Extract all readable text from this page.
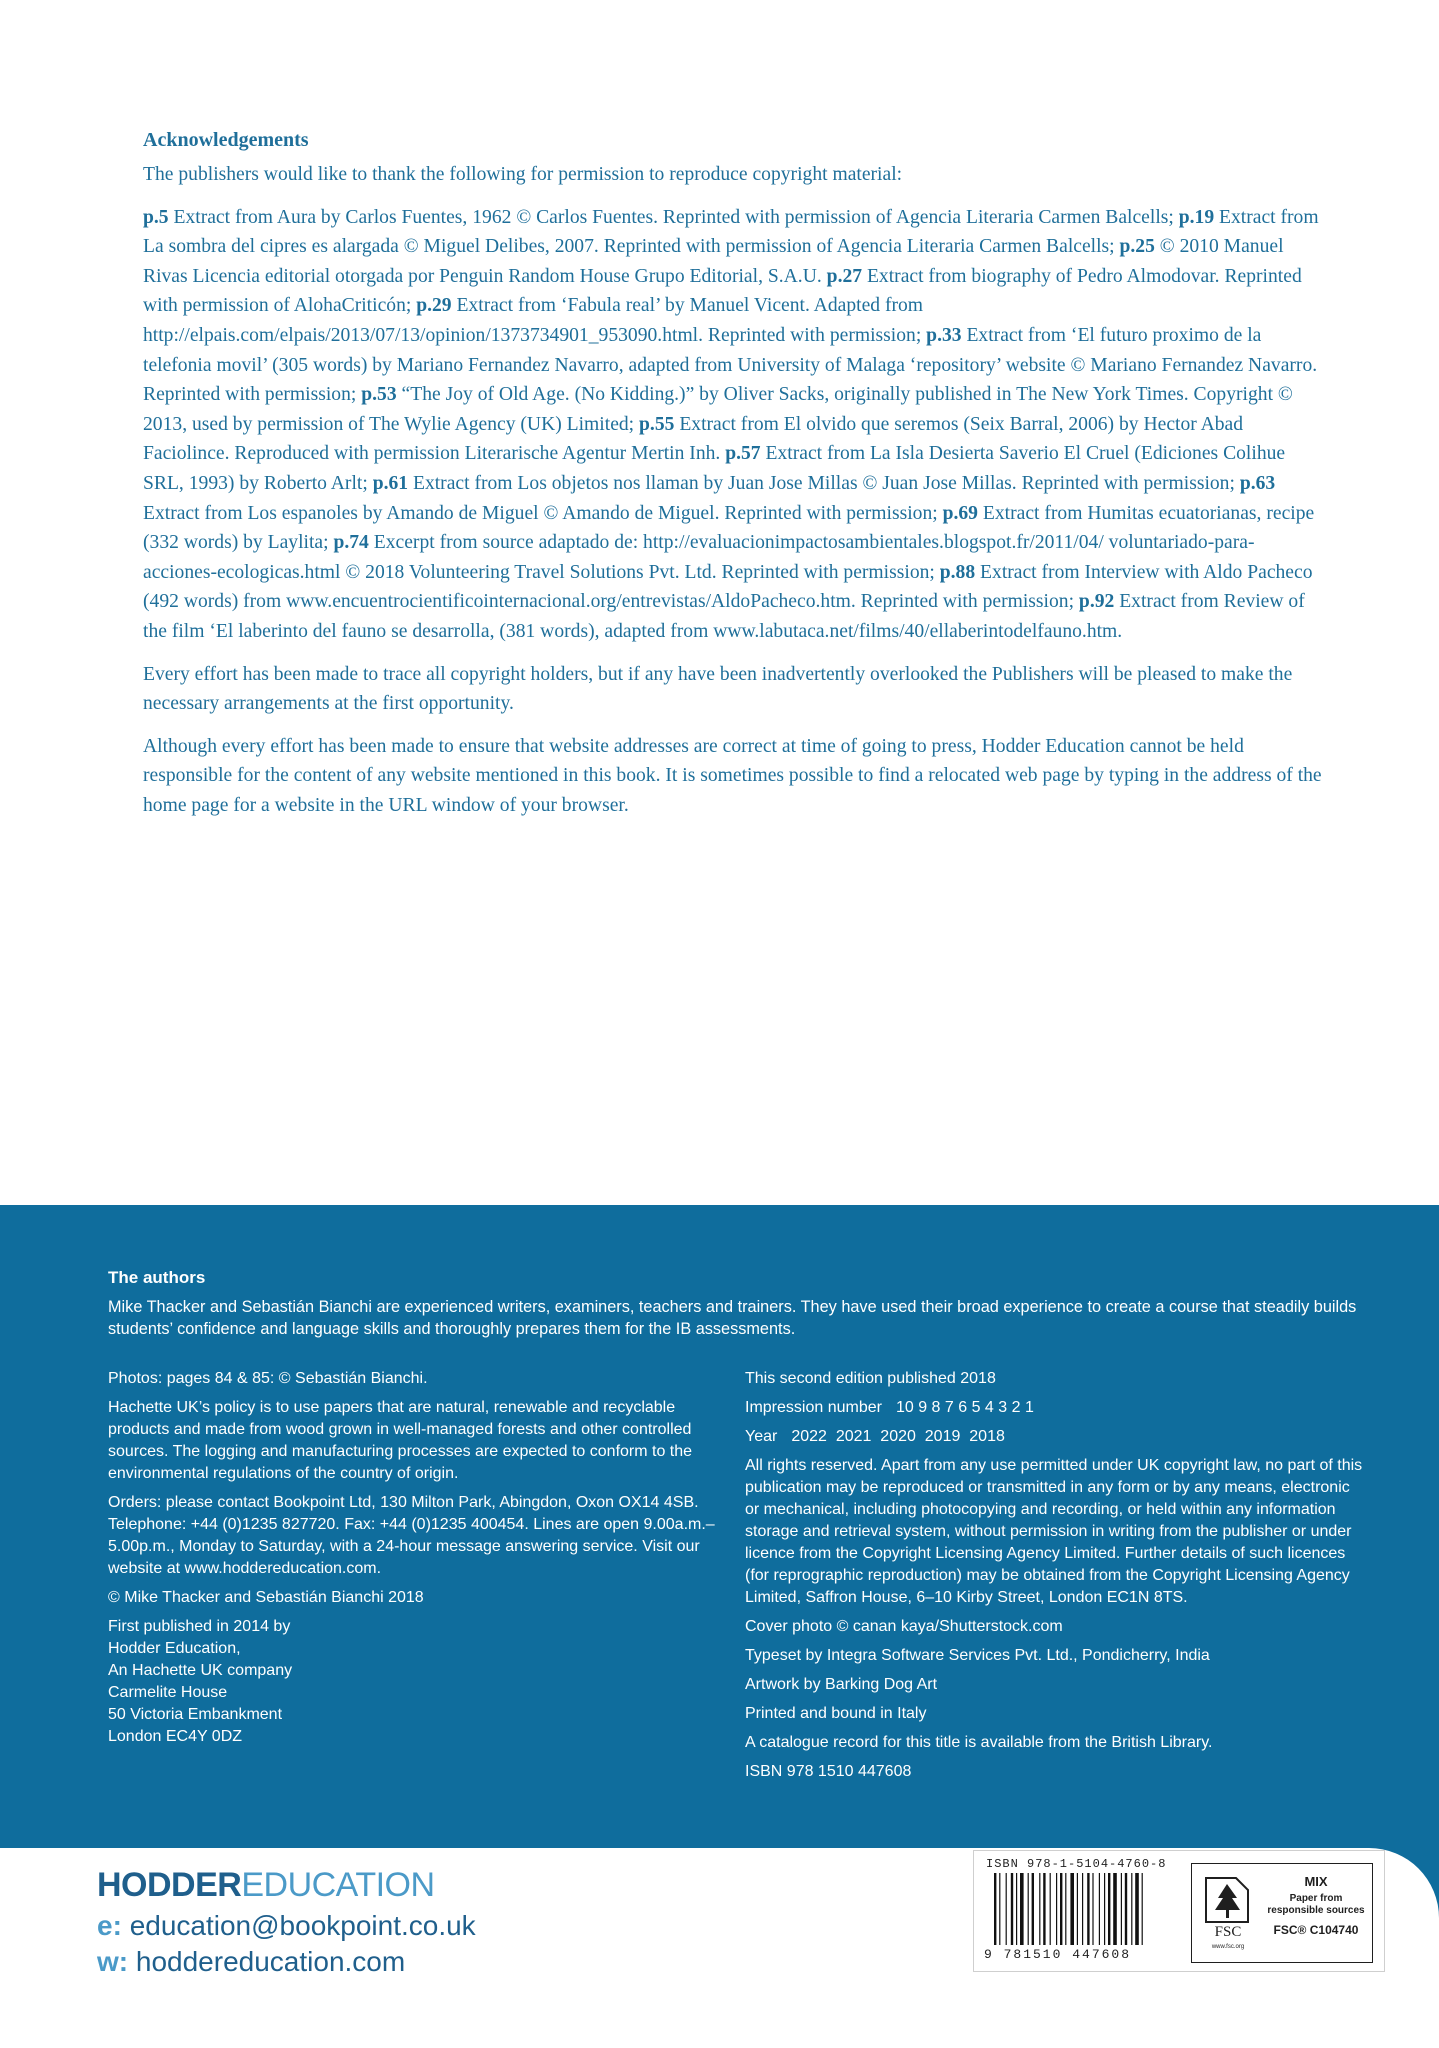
Acknowledgements

The publishers would like to thank the following for permission to reproduce copyright material:

p.5 Extract from Aura by Carlos Fuentes, 1962 © Carlos Fuentes. Reprinted with permission of Agencia Literaria Carmen Balcells; p.19 Extract from La sombra del cipres es alargada © Miguel Delibes, 2007. Reprinted with permission of Agencia Literaria Carmen Balcells; p.25 © 2010 Manuel Rivas Licencia editorial otorgada por Penguin Random House Grupo Editorial, S.A.U. p.27 Extract from biography of Pedro Almodovar. Reprinted with permission of AlohaCriticón; p.29 Extract from ‘Fabula real’ by Manuel Vicent. Adapted from http://elpais.com/elpais/2013/07/13/opinion/1373734901_953090.html. Reprinted with permission; p.33 Extract from ‘El futuro proximo de la telefonia movil’ (305 words) by Mariano Fernandez Navarro, adapted from University of Malaga ‘repository’ website © Mariano Fernandez Navarro. Reprinted with permission; p.53 “The Joy of Old Age. (No Kidding.)” by Oliver Sacks, originally published in The New York Times. Copyright © 2013, used by permission of The Wylie Agency (UK) Limited; p.55 Extract from El olvido que seremos (Seix Barral, 2006) by Hector Abad Faciolince. Reproduced with permission Literarische Agentur Mertin Inh. p.57 Extract from La Isla Desierta Saverio El Cruel (Ediciones Colihue SRL, 1993) by Roberto Arlt; p.61 Extract from Los objetos nos llaman by Juan Jose Millas © Juan Jose Millas. Reprinted with permission; p.63 Extract from Los espanoles by Amando de Miguel © Amando de Miguel. Reprinted with permission; p.69 Extract from Humitas ecuatorianas, recipe (332 words) by Laylita; p.74 Excerpt from source adaptado de: http://evaluacionimpactosambientales.blogspot.fr/2011/04/ voluntariado-para-acciones-ecologicas.html © 2018 Volunteering Travel Solutions Pvt. Ltd. Reprinted with permission; p.88 Extract from Interview with Aldo Pacheco (492 words) from www.encuentrocientificointernacional.org/entrevistas/AldoPacheco.htm. Reprinted with permission; p.92 Extract from Review of the film ‘El laberinto del fauno se desarrolla, (381 words), adapted from www.labutaca.net/films/40/ellaberintodelfauno.htm.

Every effort has been made to trace all copyright holders, but if any have been inadvertently overlooked the Publishers will be pleased to make the necessary arrangements at the first opportunity.

Although every effort has been made to ensure that website addresses are correct at time of going to press, Hodder Education cannot be held responsible for the content of any website mentioned in this book. It is sometimes possible to find a relocated web page by typing in the address of the home page for a website in the URL window of your browser.

The authors
Mike Thacker and Sebastián Bianchi are experienced writers, examiners, teachers and trainers. They have used their broad experience to create a course that steadily builds students’ confidence and language skills and thoroughly prepares them for the IB assessments.

Photos: pages 84 & 85: © Sebastián Bianchi.

Hachette UK’s policy is to use papers that are natural, renewable and recyclable products and made from wood grown in well-managed forests and other controlled sources. The logging and manufacturing processes are expected to conform to the environmental regulations of the country of origin.

Orders: please contact Bookpoint Ltd, 130 Milton Park, Abingdon, Oxon OX14 4SB. Telephone: +44 (0)1235 827720. Fax: +44 (0)1235 400454. Lines are open 9.00a.m.–5.00p.m., Monday to Saturday, with a 24-hour message answering service. Visit our website at www.hoddereducation.com.

© Mike Thacker and Sebastián Bianchi 2018

First published in 2014 by
Hodder Education,
An Hachette UK company
Carmelite House
50 Victoria Embankment
London EC4Y 0DZ

This second edition published 2018

Impression number 10 9 8 7 6 5 4 3 2 1

Year 2022  2021  2020  2019  2018

All rights reserved. Apart from any use permitted under UK copyright law, no part of this publication may be reproduced or transmitted in any form or by any means, electronic or mechanical, including photocopying and recording, or held within any information storage and retrieval system, without permission in writing from the publisher or under licence from the Copyright Licensing Agency Limited. Further details of such licences (for reprographic reproduction) may be obtained from the Copyright Licensing Agency Limited, Saffron House, 6–10 Kirby Street, London EC1N 8TS.

Cover photo © canan kaya/Shutterstock.com

Typeset by Integra Software Services Pvt. Ltd., Pondicherry, India

Artwork by Barking Dog Art

Printed and bound in Italy

A catalogue record for this title is available from the British Library.

ISBN 978 1510 447608

HODDEREDUCATION
e: education@bookpoint.co.uk
w: hoddereducation.com
ISBN 978-1-5104-4760-8
9 781510 447608
FSC
www.fsc.org
MIX
Paper from responsible sources
FSC® C104740
